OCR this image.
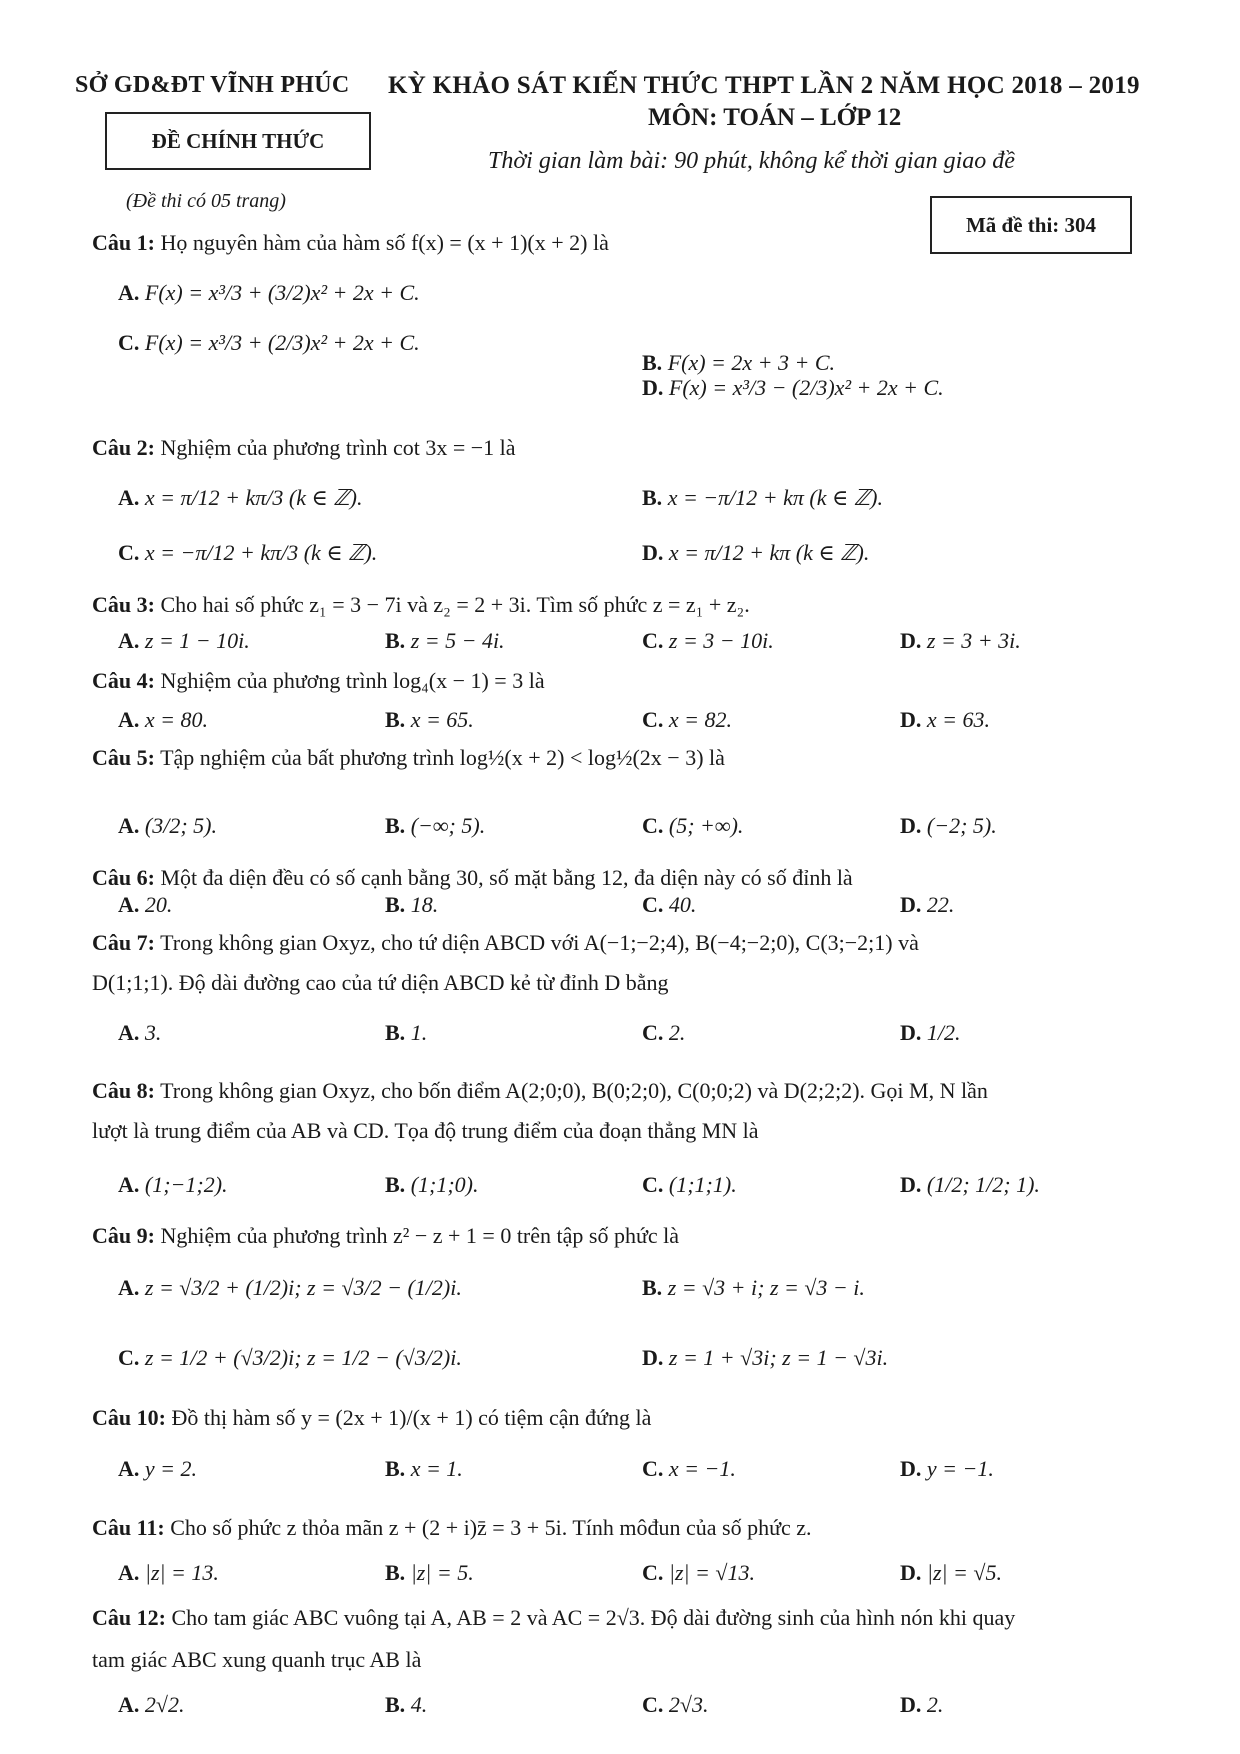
SỞ GD&ĐT VĨNH PHÚC
ĐỀ CHÍNH THỨC
(Đề thi có 05 trang)
KỲ KHẢO SÁT KIẾN THỨC THPT LẦN 2 NĂM HỌC 2018 – 2019
MÔN: TOÁN – LỚP 12
Thời gian làm bài: 90 phút, không kể thời gian giao đề
Mã đề thi: 304
Câu 1: Họ nguyên hàm của hàm số f(x) = (x + 1)(x + 2) là
A. F(x) = x³/3 + (3/2)x² + 2x + C.
B. F(x) = 2x + 3 + C.
C. F(x) = x³/3 + (2/3)x² + 2x + C.
D. F(x) = x³/3 − (2/3)x² + 2x + C.
Câu 2: Nghiệm của phương trình cot 3x = −1 là
A. x = π/12 + kπ/3 (k ∈ ℤ).	B. x = −π/12 + kπ (k ∈ ℤ).
C. x = −π/12 + kπ/3 (k ∈ ℤ).	D. x = π/12 + kπ (k ∈ ℤ).
Câu 3: Cho hai số phức z₁ = 3 − 7i và z₂ = 2 + 3i. Tìm số phức z = z₁ + z₂.
A. z = 1 − 10i.	B. z = 5 − 4i.	C. z = 3 − 10i.	D. z = 3 + 3i.
Câu 4: Nghiệm của phương trình log₄(x − 1) = 3 là
A. x = 80.	B. x = 65.	C. x = 82.	D. x = 63.
Câu 5: Tập nghiệm của bất phương trình log½(x + 2) < log½(2x − 3) là
A. (3/2; 5).	B. (−∞; 5).	C. (5; +∞).	D. (−2; 5).
Câu 6: Một đa diện đều có số cạnh bằng 30, số mặt bằng 12, đa diện này có số đỉnh là
A. 20.	B. 18.	C. 40.	D. 22.
Câu 7: Trong không gian Oxyz, cho tứ diện ABCD với A(−1;−2;4), B(−4;−2;0), C(3;−2;1) và
D(1;1;1). Độ dài đường cao của tứ diện ABCD kẻ từ đỉnh D bằng
A. 3.	B. 1.	C. 2.	D. 1/2.
Câu 8: Trong không gian Oxyz, cho bốn điểm A(2;0;0), B(0;2;0), C(0;0;2) và D(2;2;2). Gọi M, N lần
lượt là trung điểm của AB và CD. Tọa độ trung điểm của đoạn thẳng MN là
A. (1;−1;2).	B. (1;1;0).	C. (1;1;1).	D. (1/2; 1/2; 1).
Câu 9: Nghiệm của phương trình z² − z + 1 = 0 trên tập số phức là
A. z = √3/2 + (1/2)i; z = √3/2 − (1/2)i.	B. z = √3 + i; z = √3 − i.
C. z = 1/2 + (√3/2)i; z = 1/2 − (√3/2)i.	D. z = 1 + √3i; z = 1 − √3i.
Câu 10: Đồ thị hàm số y = (2x + 1)/(x + 1) có tiệm cận đứng là
A. y = 2.	B. x = 1.	C. x = −1.	D. y = −1.
Câu 11: Cho số phức z thỏa mãn z + (2 + i)z̄ = 3 + 5i. Tính môđun của số phức z.
A. |z| = 13.	B. |z| = 5.	C. |z| = √13.	D. |z| = √5.
Câu 12: Cho tam giác ABC vuông tại A, AB = 2 và AC = 2√3. Độ dài đường sinh của hình nón khi quay
tam giác ABC xung quanh trục AB là
A. 2√2.	B. 4.	C. 2√3.	D. 2.
